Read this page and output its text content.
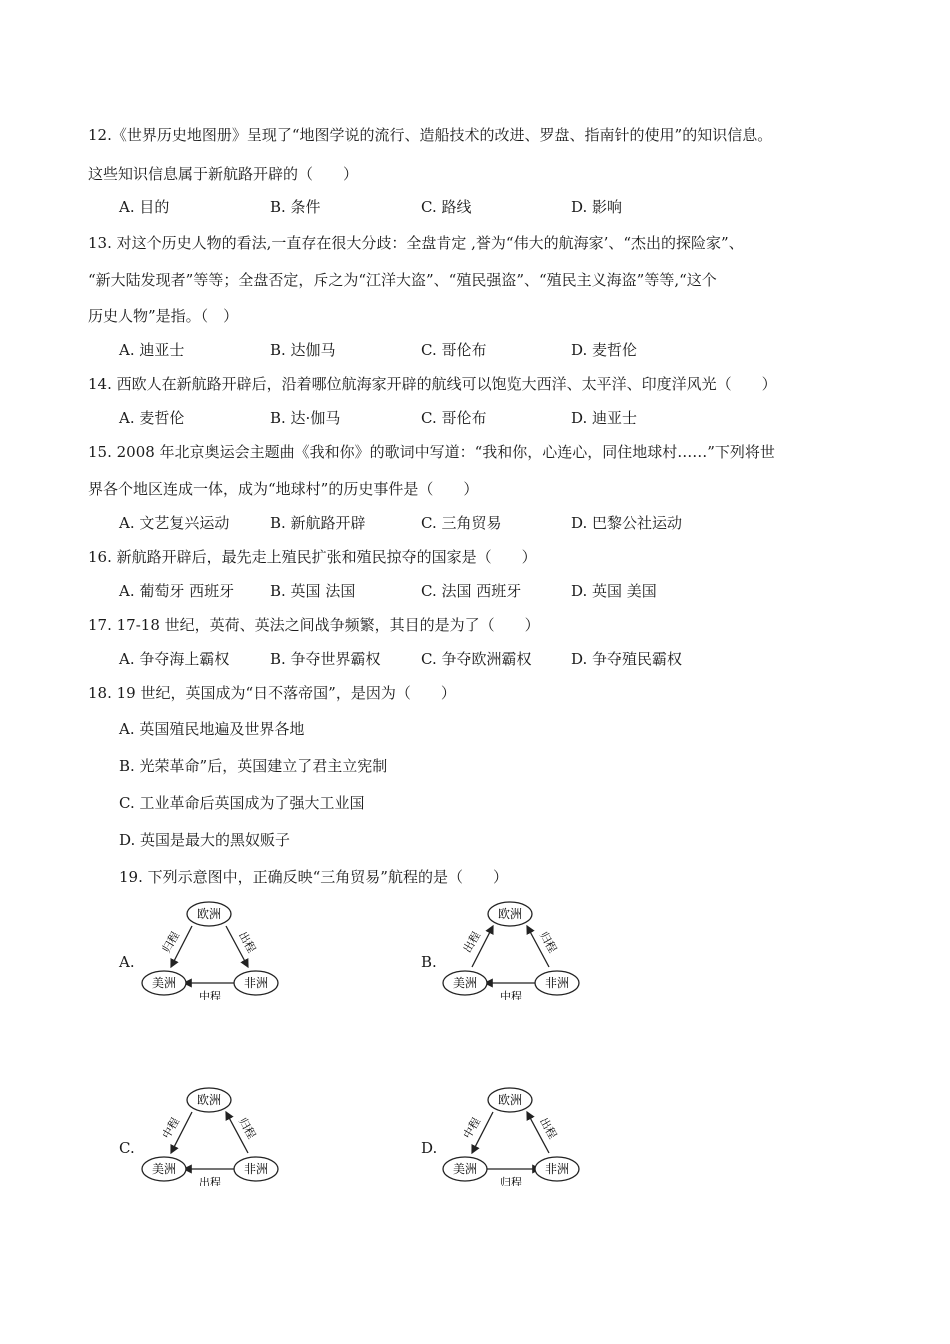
12.《世界历史地图册》呈现了“地图学说的流行、造船技术的改进、罗盘、指南针的使用”的知识信息。
这些知识信息属于新航路开辟的（　　）
A. 目的	B. 条件	C. 路线	D. 影响
13. 对这个历史人物的看法,一直存在很大分歧：全盘肯定 ,誉为“伟大的航海家’、“杰出的探险家”、
“新大陆发现者”等等；全盘否定，斥之为“江洋大盗”、“殖民强盗”、“殖民主义海盗”等等,“这个
历史人物”是指。（　）
A. 迪亚士	B. 达伽马	C. 哥伦布	D. 麦哲伦
14. 西欧人在新航路开辟后，沿着哪位航海家开辟的航线可以饱览大西洋、太平洋、印度洋风光（　　）
A. 麦哲伦	B. 达·伽马	C. 哥伦布	D. 迪亚士
15. 2008 年北京奥运会主题曲《我和你》的歌词中写道：“我和你，心连心，同住地球村……”下列将世
界各个地区连成一体，成为“地球村”的历史事件是（　　）
A. 文艺复兴运动	B. 新航路开辟	C. 三角贸易	D. 巴黎公社运动
16. 新航路开辟后，最先走上殖民扩张和殖民掠夺的国家是（　　）
A. 葡萄牙 西班牙 B. 英国 法国	C. 法国 西班牙	D. 英国 美国
17. 17-18 世纪，英荷、英法之间战争频繁，其目的是为了（　　）
A. 争夺海上霸权	B. 争夺世界霸权	C. 争夺欧洲霸权	D. 争夺殖民霸权
18. 19 世纪，英国成为“日不落帝国”，是因为（　　）
A. 英国殖民地遍及世界各地
B. 光荣革命”后，英国建立了君主立宪制
C. 工业革命后英国成为了强大工业国
D. 英国是最大的黑奴贩子
19. 下列示意图中，正确反映“三角贸易”航程的是（　　）
A.	B.
C.	D.
欧洲
美洲	非洲
归程	出程
中程
欧洲
美洲	非洲
出程	归程
中程
欧洲
美洲	非洲
中程	归程
出程
欧洲
美洲	非洲
中程	出程
归程
